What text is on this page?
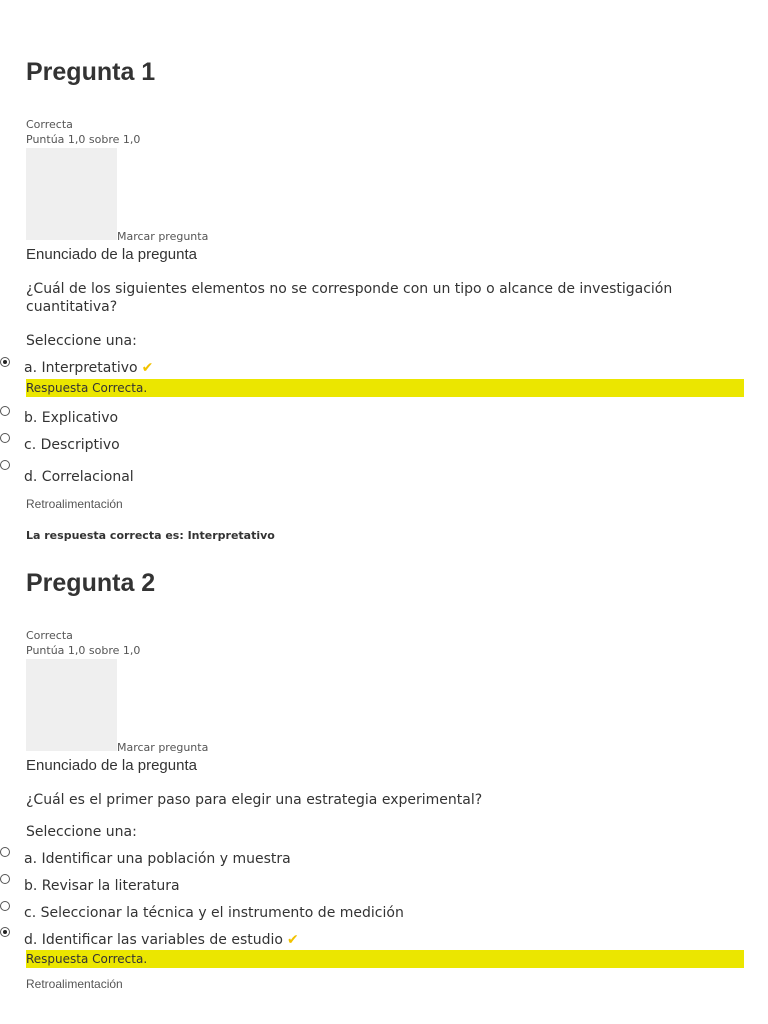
Pregunta 1
Correcta
Puntúa 1,0 sobre 1,0
Marcar pregunta
Enunciado de la pregunta
¿Cuál de los siguientes elementos no se corresponde con un tipo o alcance de investigación cuantitativa?
Seleccione una:
a. Interpretativo ✔
Respuesta Correcta.
b. Explicativo
c. Descriptivo
d. Correlacional
Retroalimentación
La respuesta correcta es: Interpretativo
Pregunta 2
Correcta
Puntúa 1,0 sobre 1,0
Marcar pregunta
Enunciado de la pregunta
¿Cuál es el primer paso para elegir una estrategia experimental?
Seleccione una:
a. Identificar una población y muestra
b. Revisar la literatura
c. Seleccionar la técnica y el instrumento de medición
d. Identificar las variables de estudio ✔
Respuesta Correcta.
Retroalimentación
